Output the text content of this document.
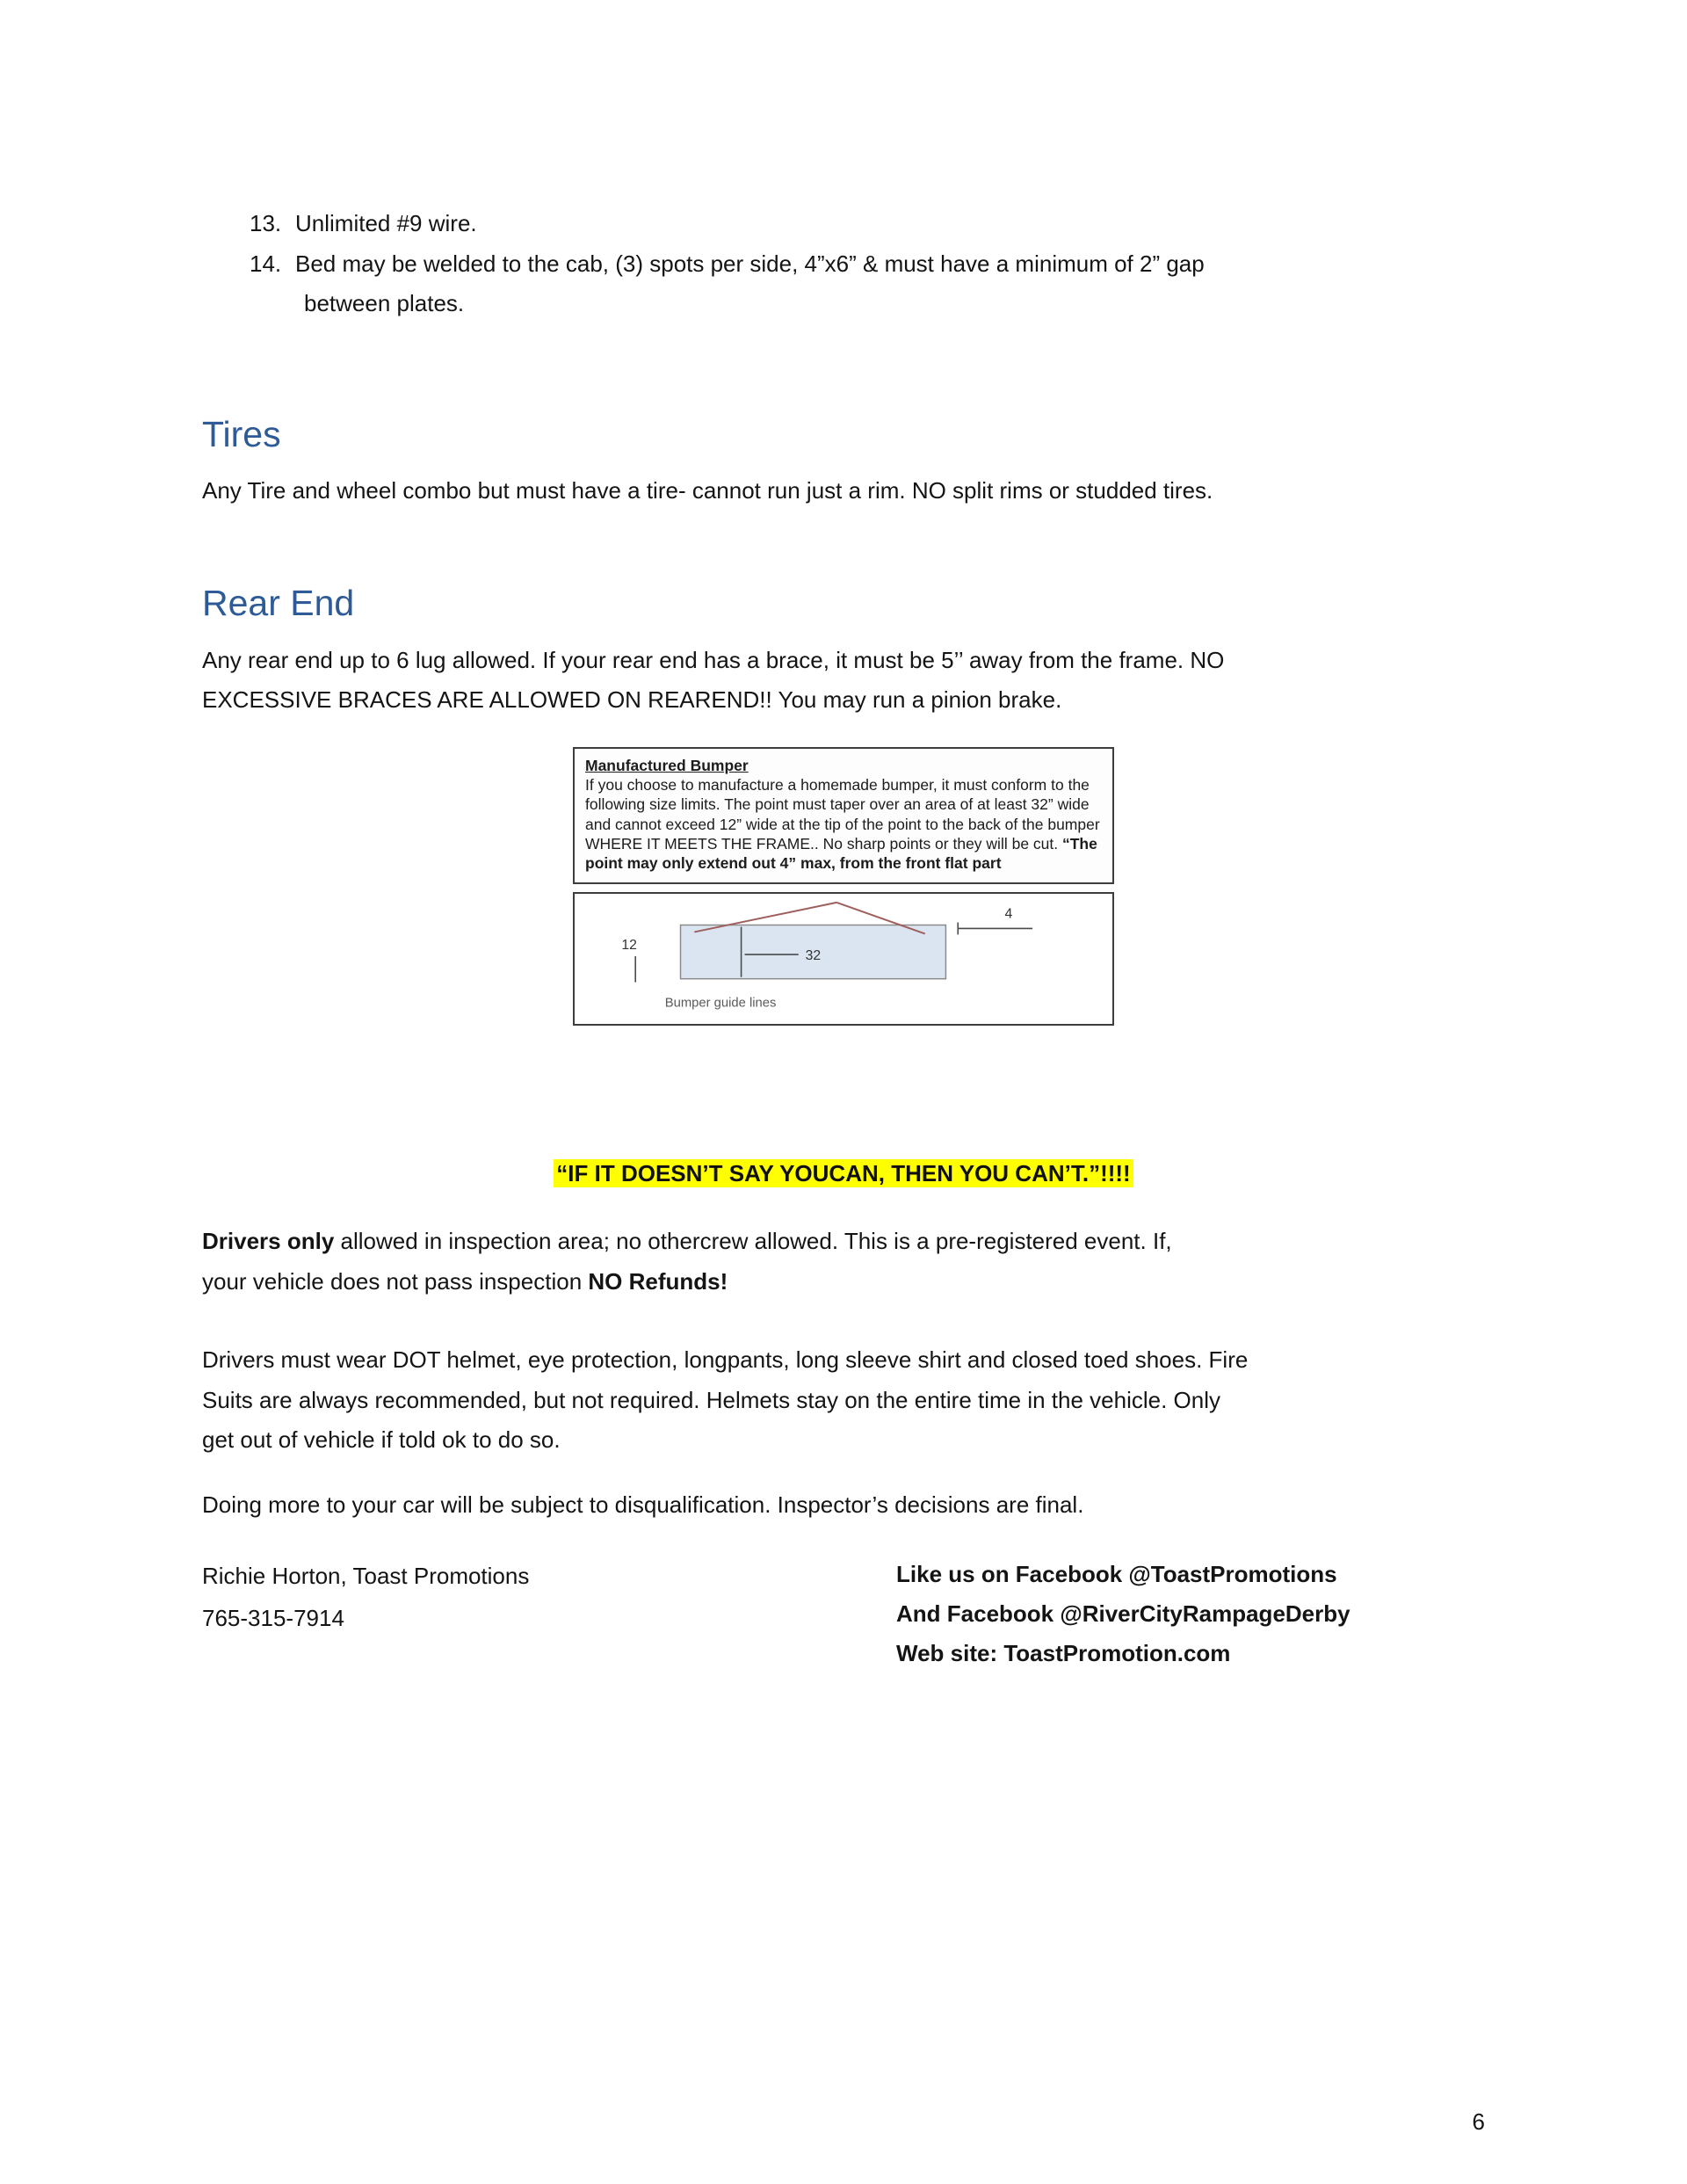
13. Unlimited #9 wire.
14. Bed may be welded to the cab, (3) spots per side, 4”x6” & must have a minimum of 2” gap
between plates.
Tires

Any Tire and wheel combo but must have a tire- cannot run just a rim. NO split rims or studded tires.

Rear End

Any rear end up to 6 lug allowed. If your rear end has a brace, it must be 5’’ away from the frame. NO
EXCESSIVE BRACES ARE ALLOWED ON REAREND!! You may run a pinion brake.

Manufactured Bumper
If you choose to manufacture a homemade bumper, it must conform to the following size limits. The point must taper over an area of at least 32” wide and cannot exceed 12” wide at the tip of the point to the back of the bumper WHERE IT MEETS THE FRAME.. No sharp points or they will be cut. “The point may only extend out 4” max, from the front flat part
12
32
4
Bumper guide lines

“IF IT DOESN’T SAY YOUCAN, THEN YOU CAN’T.”!!!!

Drivers only allowed in inspection area; no othercrew allowed. This is a pre-registered event. If,
your vehicle does not pass inspection NO Refunds!

Drivers must wear DOT helmet, eye protection, longpants, long sleeve shirt and closed toed shoes. Fire
Suits are always recommended, but not required. Helmets stay on the entire time in the vehicle. Only
get out of vehicle if told ok to do so.

Doing more to your car will be subject to disqualification. Inspector’s decisions are final.

Richie Horton, Toast Promotions
765-315-7914
Like us on Facebook @ToastPromotions
And Facebook @RiverCityRampageDerby
Web site: ToastPromotion.com
6
